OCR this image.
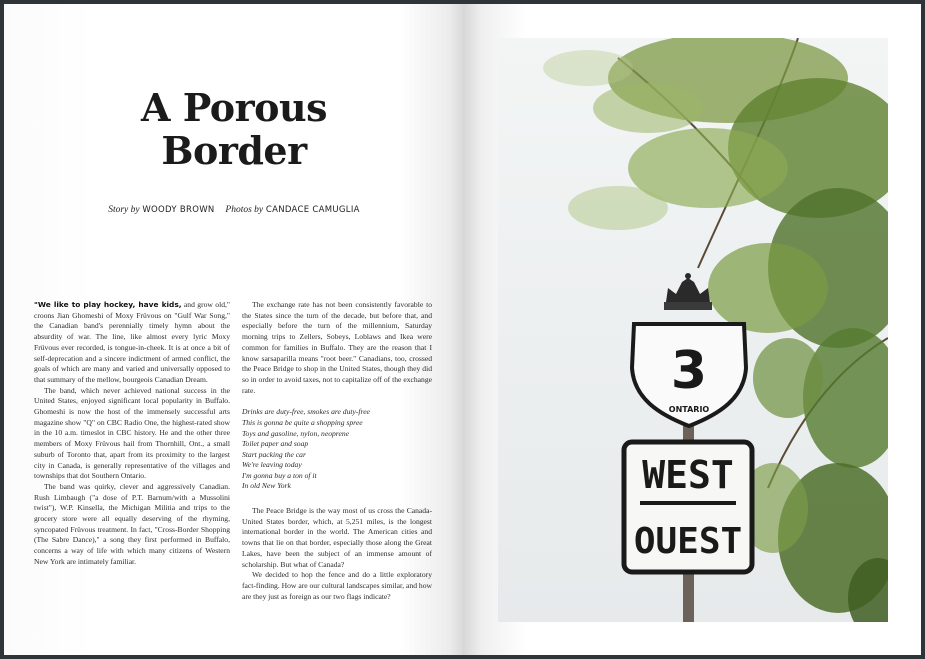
A Porous
Border
Story by WOODY BROWN Photos by CANDACE CAMUGLIA

"We like to play hockey, have kids, and grow old," croons Jian Ghomeshi of Moxy Früvous on "Gulf War Song," the Canadian band's perennially timely hymn about the absurdity of war. The line, like almost every lyric Moxy Früvous ever recorded, is tongue-in-cheek. It is at once a bit of self-deprecation and a sincere indictment of armed conflict, the goals of which are many and varied and universally opposed to that summary of the mellow, bourgeois Canadian Dream.

The band, which never achieved national success in the United States, enjoyed significant local popularity in Buffalo. Ghomeshi is now the host of the immensely successful arts magazine show "Q" on CBC Radio One, the highest-rated show in the 10 a.m. timeslot in CBC history. He and the other three members of Moxy Früvous hail from Thornhill, Ont., a small suburb of Toronto that, apart from its proximity to the largest city in Canada, is generally representative of the villages and townships that dot Southern Ontario.

The band was quirky, clever and aggressively Canadian. Rush Limbaugh ("a dose of P.T. Barnum/with a Mussolini twist"), W.P. Kinsella, the Michigan Militia and trips to the grocery store were all equally deserving of the rhyming, syncopated Früvous treatment. In fact, "Cross-Border Shopping (The Sabre Dance)," a song they first performed in Buffalo, concerns a way of life with which many citizens of Western New York are intimately familiar.

The exchange rate has not been consistently favorable to the States since the turn of the decade, but before that, and especially before the turn of the millennium, Saturday morning trips to Zellers, Sobeys, Loblaws and Ikea were common for families in Buffalo. They are the reason that I know sarsaparilla means "root beer." Canadians, too, crossed the Peace Bridge to shop in the United States, though they did so in order to avoid taxes, not to capitalize off of the exchange rate.

Drinks are duty-free, smokes are duty-free
This is gonna be quite a shopping spree
Toys and gasoline, nylon, neoprene
Toilet paper and soap
Start packing the car
We're leaving today
I'm gonna buy a ton of it
In old New York

The Peace Bridge is the way most of us cross the Canada-United States border, which, at 5,251 miles, is the longest international border in the world. The American cities and towns that lie on that border, especially those along the Great Lakes, have been the subject of an immense amount of scholarship. But what of Canada?

We decided to hop the fence and do a little exploratory fact-finding. How are our cultural landscapes similar, and how are they just as foreign as our two flags indicate?

3
ONTARIO
WEST
OUEST
